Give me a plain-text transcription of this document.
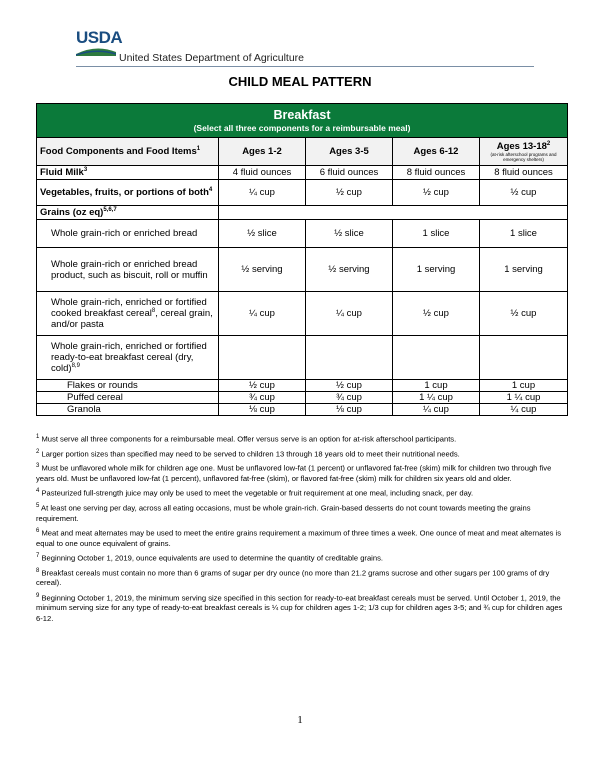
USDA
United States Department of Agriculture
CHILD MEAL PATTERN
Breakfast
(Select all three components for a reimbursable meal)				

Food Components and Food Items$^1$	Ages 1-2	Ages 3-5	Ages 6-12	Ages $13-18^2$
(at-risk afterschool programs and emergency shelters)

Fluid Milk$^3$	4 fluid ounces	6 fluid ounces	8 fluid ounces	8 fluid ounces
Vegetables, fruits, or portions of both$^4$	¼ cup	½ cup	½ cup	½ cup
Grains (oz eq)$^{5,6,7}$	
Whole grain-rich or enriched bread	½ slice	½ slice	1 slice	1 slice
Whole grain-rich or enriched bread product, such as biscuit, roll or muffin	½ serving	½ serving	1 serving	1 serving
Whole grain-rich, enriched or fortified cooked breakfast cereal$^8$, cereal grain, and/or pasta	¼ cup	¼ cup	½ cup	½ cup
Whole grain-rich, enriched or fortified ready-to-eat breakfast cereal (dry, cold)$^{8,9}$				
Flakes or rounds	½ cup	½ cup	1 cup	1 cup
Puffed cereal	¾ cup	¾ cup	1 ¼ cup	1 ¼ cup
Granola	⅛ cup	⅛ cup	¼ cup	¼ cup

$^1$ Must serve all three components for a reimbursable meal. Offer versus serve is an option for at-risk afterschool participants.

$^2$ Larger portion sizes than specified may need to be served to children 13 through 18 years old to meet their nutritional needs.

$^3$ Must be unflavored whole milk for children age one. Must be unflavored low-fat (1 percent) or unflavored fat-free (skim) milk for children two through five years old. Must be unflavored low-fat (1 percent), unflavored fat-free (skim), or flavored fat-free (skim) milk for children six years old and older.

$^4$ Pasteurized full-strength juice may only be used to meet the vegetable or fruit requirement at one meal, including snack, per day.

$^5$ At least one serving per day, across all eating occasions, must be whole grain-rich. Grain-based desserts do not count towards meeting the grains requirement.

$^6$ Meat and meat alternates may be used to meet the entire grains requirement a maximum of three times a week. One ounce of meat and meat alternates is equal to one ounce equivalent of grains.

$^7$ Beginning October 1, 2019, ounce equivalents are used to determine the quantity of creditable grains.

$^8$ Breakfast cereals must contain no more than 6 grams of sugar per dry ounce (no more than 21.2 grams sucrose and other sugars per 100 grams of dry cereal).

$^9$ Beginning October 1, 2019, the minimum serving size specified in this section for ready-to-eat breakfast cereals must be served. Until October 1, 2019, the minimum serving size for any type of ready-to-eat breakfast cereals is ¼ cup for children ages 1-2; 1/3 cup for children ages 3-5; and ¾ cup for children ages 6-12.

1
